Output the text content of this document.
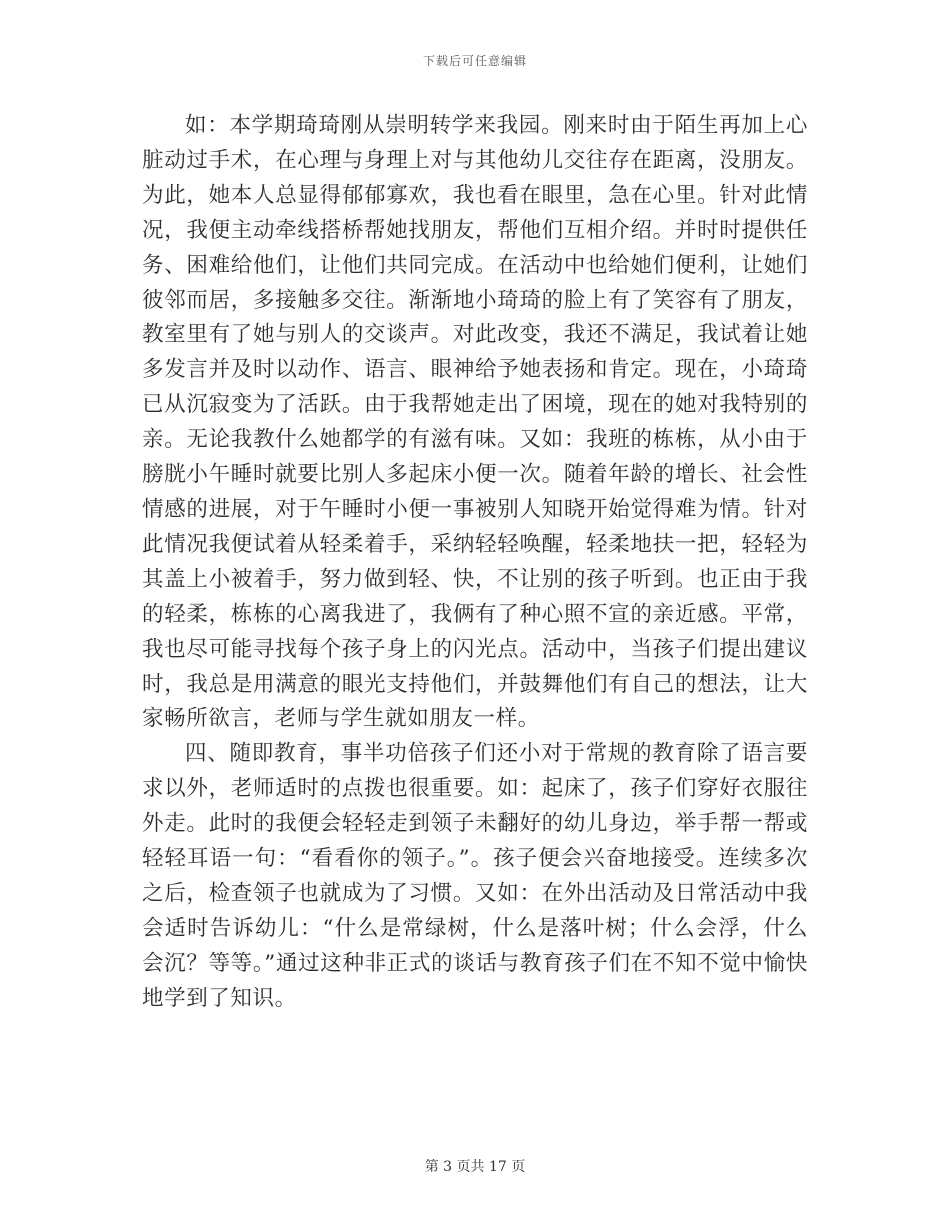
下载后可任意编辑

如：本学期琦琦刚从崇明转学来我园。刚来时由于陌生再加上心脏动过手术，在心理与身理上对与其他幼儿交往存在距离，没朋友。为此，她本人总显得郁郁寡欢，我也看在眼里，急在心里。针对此情况，我便主动牵线搭桥帮她找朋友，帮他们互相介绍。并时时提供任务、困难给他们，让他们共同完成。在活动中也给她们便利，让她们彼邻而居，多接触多交往。渐渐地小琦琦的脸上有了笑容有了朋友，教室里有了她与别人的交谈声。对此改变，我还不满足，我试着让她多发言并及时以动作、语言、眼神给予她表扬和肯定。现在，小琦琦已从沉寂变为了活跃。由于我帮她走出了困境，现在的她对我特别的亲。无论我教什么她都学的有滋有味。又如：我班的栋栋，从小由于膀胱小午睡时就要比别人多起床小便一次。随着年龄的增长、社会性情感的进展，对于午睡时小便一事被别人知晓开始觉得难为情。针对此情况我便试着从轻柔着手，采纳轻轻唤醒，轻柔地扶一把，轻轻为其盖上小被着手，努力做到轻、快，不让别的孩子听到。也正由于我的轻柔，栋栋的心离我进了，我俩有了种心照不宣的亲近感。平常，我也尽可能寻找每个孩子身上的闪光点。活动中，当孩子们提出建议时，我总是用满意的眼光支持他们，并鼓舞他们有自己的想法，让大家畅所欲言，老师与学生就如朋友一样。

四、随即教育，事半功倍孩子们还小对于常规的教育除了语言要求以外，老师适时的点拨也很重要。如：起床了，孩子们穿好衣服往外走。此时的我便会轻轻走到领子未翻好的幼儿身边，举手帮一帮或轻轻耳语一句：“看看你的领子。”。孩子便会兴奋地接受。连续多次之后，检查领子也就成为了习惯。又如：在外出活动及日常活动中我会适时告诉幼儿：“什么是常绿树，什么是落叶树；什么会浮，什么会沉？等等。”通过这种非正式的谈话与教育孩子们在不知不觉中愉快地学到了知识。

第 3 页共 17 页
